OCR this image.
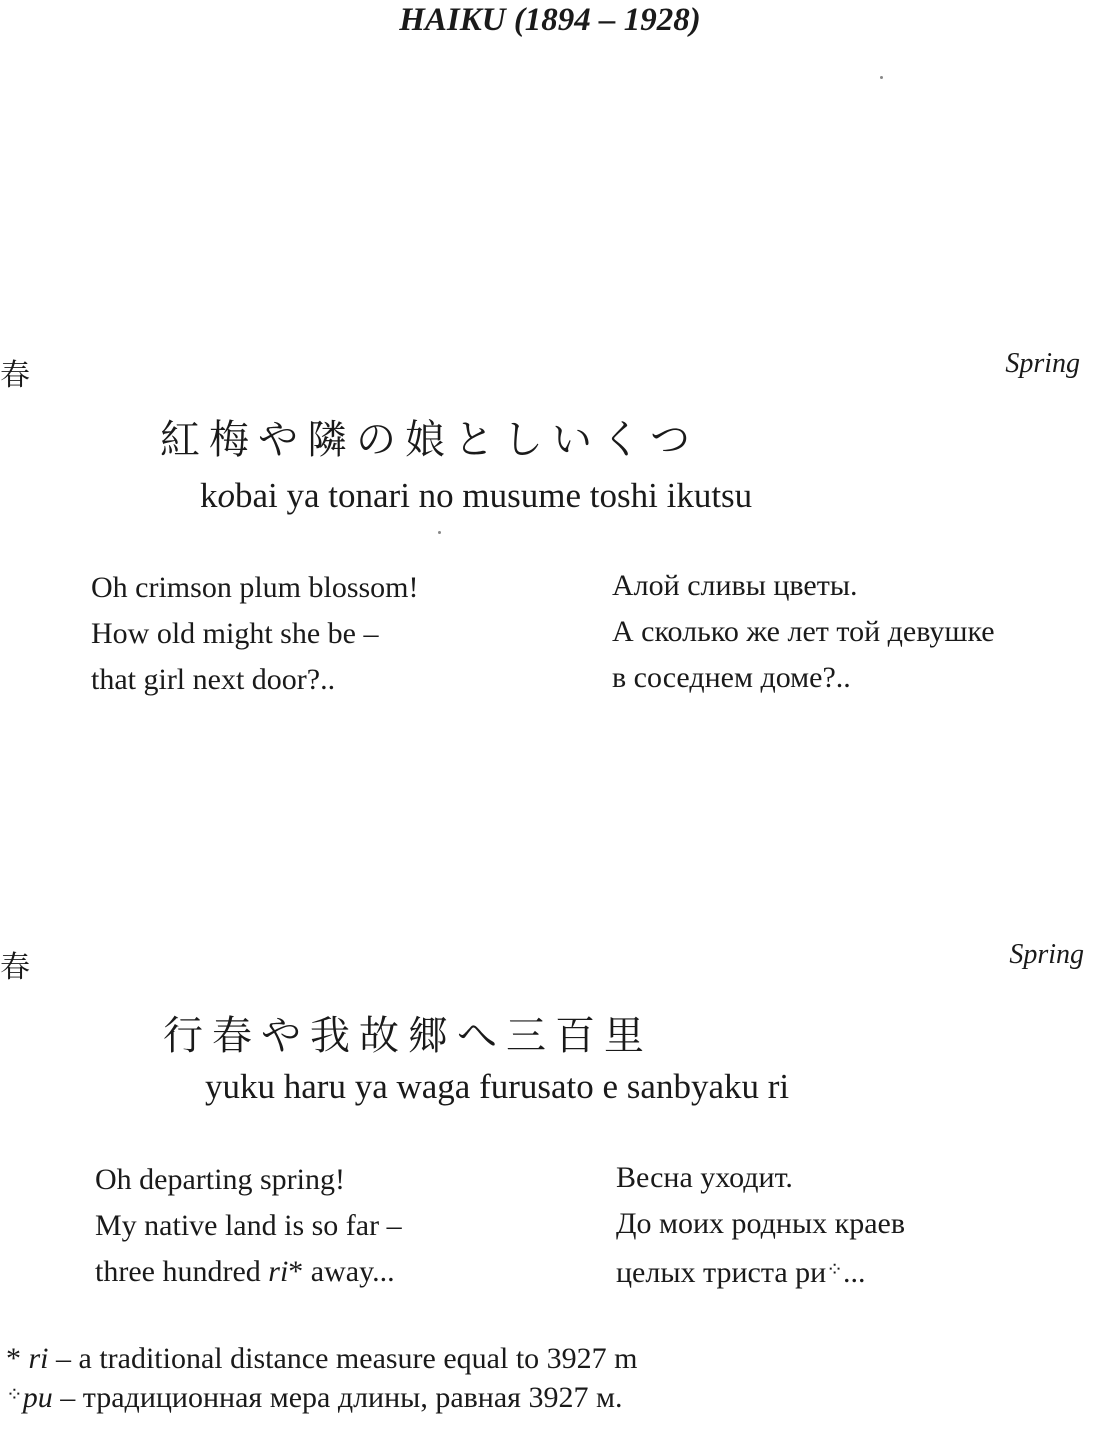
HAIKU (1894 – 1928)
春	Spring
紅梅や隣の娘としいくつ
kobai ya tonari no musume toshi ikutsu
Oh crimson plum blossom!
How old might she be –
that girl next door?..
Алой сливы цветы.
А сколько же лет той девушке
в соседнем доме?..
春	Spring
行春や我故郷へ三百里
yuku haru ya waga furusato e sanbyaku ri
Oh departing spring!
My native land is so far –
three hundred ri* away...
Весна уходит.
До моих родных краев
целых триста ри⁘...
* ri – a traditional distance measure equal to 3927 m
⁘ри – традиционная мера длины, равная 3927 м.
